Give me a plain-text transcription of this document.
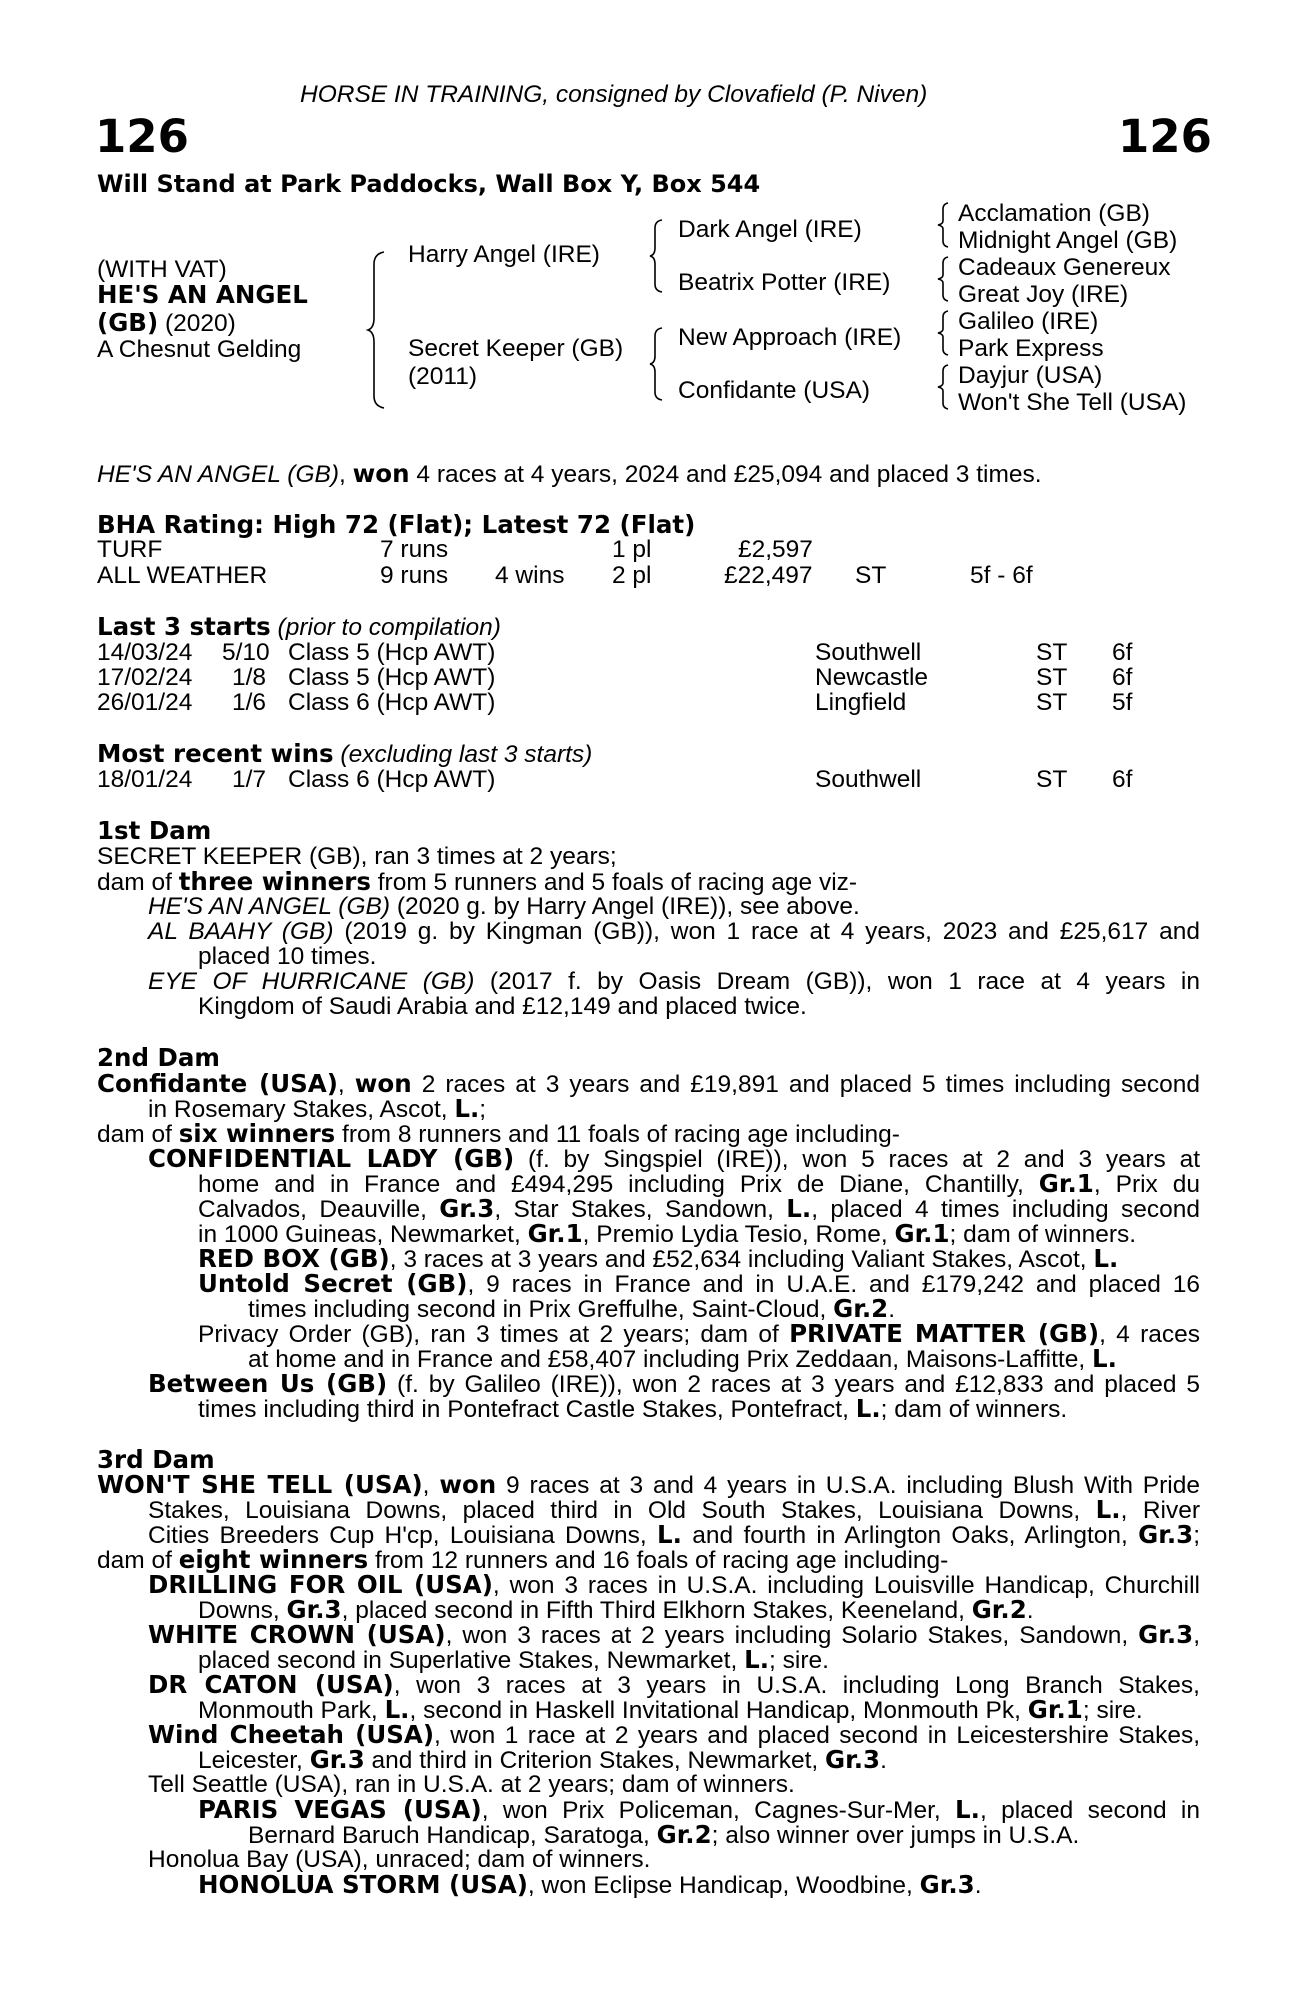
HORSE IN TRAINING, consigned by Clovafield (P. Niven)
126	126
Will Stand at Park Paddocks, Wall Box Y, Box 544
(WITH VAT)
HE'S AN ANGEL
(GB) (2020)
A Chesnut Gelding
Harry Angel (IRE)
Secret Keeper (GB)
(2011)
Dark Angel (IRE)
Beatrix Potter (IRE)
New Approach (IRE)
Confidante (USA)
Acclamation (GB)
Midnight Angel (GB)
Cadeaux Genereux
Great Joy (IRE)
Galileo (IRE)
Park Express
Dayjur (USA)
Won't She Tell (USA)
HE'S AN ANGEL (GB), won 4 races at 4 years, 2024 and £25,094 and placed 3 times.
BHA Rating: High 72 (Flat); Latest 72 (Flat)
TURF	7 runs	1 pl	£2,597
ALL WEATHER	9 runs 4 wins 2 pl	£22,497 ST	5f - 6f
Last 3 starts (prior to compilation)
14/03/24 5/10 Class 5 (Hcp AWT)	Southwell	ST 6f
17/02/24 1/8 Class 5 (Hcp AWT)	Newcastle	ST 6f
26/01/24 1/6 Class 6 (Hcp AWT)	Lingfield	ST 5f
Most recent wins (excluding last 3 starts)
18/01/24 1/7 Class 6 (Hcp AWT)	Southwell	ST 6f
1st Dam
SECRET KEEPER (GB), ran 3 times at 2 years;
dam of three winners from 5 runners and 5 foals of racing age viz-
HE'S AN ANGEL (GB) (2020 g. by Harry Angel (IRE)), see above.
AL BAAHY (GB) (2019 g. by Kingman (GB)), won 1 race at 4 years, 2023 and £25,617 and
placed 10 times.
EYE OF HURRICANE (GB) (2017 f. by Oasis Dream (GB)), won 1 race at 4 years in
Kingdom of Saudi Arabia and £12,149 and placed twice.
2nd Dam
Confidante (USA), won 2 races at 3 years and £19,891 and placed 5 times including second
in Rosemary Stakes, Ascot, L.;
dam of six winners from 8 runners and 11 foals of racing age including-
CONFIDENTIAL LADY (GB) (f. by Singspiel (IRE)), won 5 races at 2 and 3 years at
home and in France and £494,295 including Prix de Diane, Chantilly, Gr.1, Prix du
Calvados, Deauville, Gr.3, Star Stakes, Sandown, L., placed 4 times including second
in 1000 Guineas, Newmarket, Gr.1, Premio Lydia Tesio, Rome, Gr.1; dam of winners.
RED BOX (GB), 3 races at 3 years and £52,634 including Valiant Stakes, Ascot, L.
Untold Secret (GB), 9 races in France and in U.A.E. and £179,242 and placed 16
times including second in Prix Greffulhe, Saint-Cloud, Gr.2.
Privacy Order (GB), ran 3 times at 2 years; dam of PRIVATE MATTER (GB), 4 races
at home and in France and £58,407 including Prix Zeddaan, Maisons-Laffitte, L.
Between Us (GB) (f. by Galileo (IRE)), won 2 races at 3 years and £12,833 and placed 5
times including third in Pontefract Castle Stakes, Pontefract, L.; dam of winners.
3rd Dam
WON'T SHE TELL (USA), won 9 races at 3 and 4 years in U.S.A. including Blush With Pride
Stakes, Louisiana Downs, placed third in Old South Stakes, Louisiana Downs, L., River
Cities Breeders Cup H'cp, Louisiana Downs, L. and fourth in Arlington Oaks, Arlington, Gr.3;
dam of eight winners from 12 runners and 16 foals of racing age including-
DRILLING FOR OIL (USA), won 3 races in U.S.A. including Louisville Handicap, Churchill
Downs, Gr.3, placed second in Fifth Third Elkhorn Stakes, Keeneland, Gr.2.
WHITE CROWN (USA), won 3 races at 2 years including Solario Stakes, Sandown, Gr.3,
placed second in Superlative Stakes, Newmarket, L.; sire.
DR CATON (USA), won 3 races at 3 years in U.S.A. including Long Branch Stakes,
Monmouth Park, L., second in Haskell Invitational Handicap, Monmouth Pk, Gr.1; sire.
Wind Cheetah (USA), won 1 race at 2 years and placed second in Leicestershire Stakes,
Leicester, Gr.3 and third in Criterion Stakes, Newmarket, Gr.3.
Tell Seattle (USA), ran in U.S.A. at 2 years; dam of winners.
PARIS VEGAS (USA), won Prix Policeman, Cagnes-Sur-Mer, L., placed second in
Bernard Baruch Handicap, Saratoga, Gr.2; also winner over jumps in U.S.A.
Honolua Bay (USA), unraced; dam of winners.
HONOLUA STORM (USA), won Eclipse Handicap, Woodbine, Gr.3.
